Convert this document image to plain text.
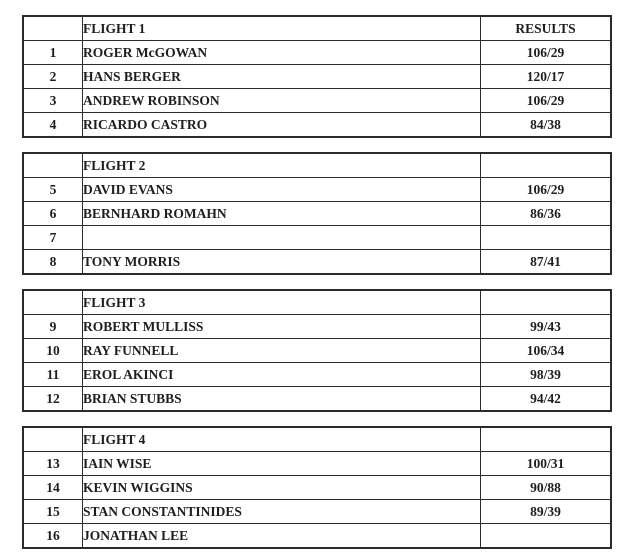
	FLIGHT 1	RESULTS
1	ROGER McGOWAN	106/29
2	HANS BERGER	120/17
3	ANDREW ROBINSON	106/29
4	RICARDO CASTRO	84/38
	FLIGHT 2	
5	DAVID EVANS	106/29
6	BERNHARD ROMAHN	86/36
7		
8	TONY MORRIS	87/41
	FLIGHT 3	
9	ROBERT MULLISS	99/43
10	RAY FUNNELL	106/34
11	EROL AKINCI	98/39
12	BRIAN STUBBS	94/42
	FLIGHT 4	
13	IAIN WISE	100/31
14	KEVIN WIGGINS	90/88
15	STAN CONSTANTINIDES	89/39
16	JONATHAN LEE	
